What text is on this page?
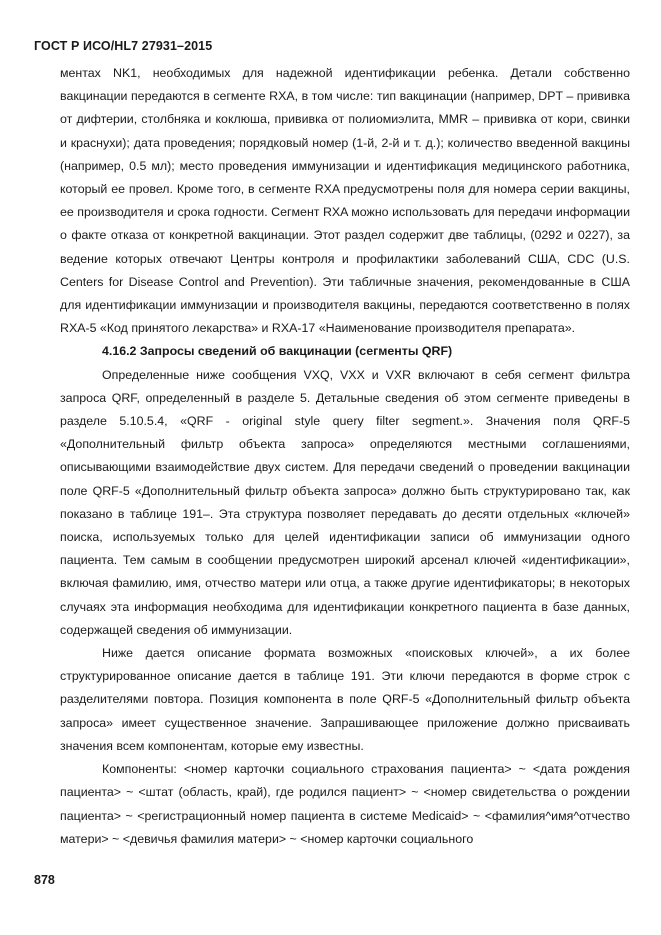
ГОСТ Р ИСО/HL7 27931–2015

ментах NK1, необходимых для надежной идентификации ребенка. Детали собственно вакцинации передаются в сегменте RXA, в том числе: тип вакцинации (например, DPT – прививка от дифтерии, столбняка и коклюша, прививка от полиомиэлита, MMR – прививка от кори, свинки и краснухи); дата проведения; порядковый номер (1-й, 2-й и т. д.); количество введенной вакцины (например, 0.5 мл); место проведения иммунизации и идентификация медицинского работника, который ее провел. Кроме того, в сегменте RXA предусмотрены поля для номера серии вакцины, ее производителя и срока годности. Сегмент RXA можно использовать для передачи информации о факте отказа от конкретной вакцинации. Этот раздел содержит две таблицы, (0292 и 0227), за ведение которых отвечают Центры контроля и профилактики заболеваний США, CDC (U.S. Centers for Disease Control and Prevention). Эти табличные значения, рекомендованные в США для идентификации иммунизации и производителя вакцины, передаются соответственно в полях RXA-5 «Код принятого лекарства» и RXA-17 «Наименование производителя препарата».

4.16.2 Запросы сведений об вакцинации (сегменты QRF)

Определенные ниже сообщения VXQ, VXX и VXR включают в себя сегмент фильтра запроса QRF, определенный в разделе 5. Детальные сведения об этом сегменте приведены в разделе 5.10.5.4, «QRF - original style query filter segment.». Значения поля QRF-5 «Дополнительный фильтр объекта запроса» определяются местными соглашениями, описывающими взаимодействие двух систем. Для передачи сведений о проведении вакцинации поле QRF-5 «Дополнительный фильтр объекта запроса» должно быть структурировано так, как показано в таблице 191–. Эта структура позволяет передавать до десяти отдельных «ключей» поиска, используемых только для целей идентификации записи об иммунизации одного пациента. Тем самым в сообщении предусмотрен широкий арсенал ключей «идентификации», включая фамилию, имя, отчество матери или отца, а также другие идентификаторы; в некоторых случаях эта информация необходима для идентификации конкретного пациента в базе данных, содержащей сведения об иммунизации.

Ниже дается описание формата возможных «поисковых ключей», а их более структурированное описание дается в таблице 191. Эти ключи передаются в форме строк с разделителями повтора. Позиция компонента в поле QRF-5 «Дополнительный фильтр объекта запроса» имеет существенное значение. Запрашивающее приложение должно присваивать значения всем компонентам, которые ему известны.

Компоненты: <номер карточки социального страхования пациента> ~ <дата рождения пациента> ~ <штат (область, край), где родился пациент> ~ <номер свидетельства о рождении пациента> ~ <регистрационный номер пациента в системе Medicaid> ~ <фамилия^имя^отчество матери> ~ <девичья фамилия матери> ~ <номер карточки социального

878
